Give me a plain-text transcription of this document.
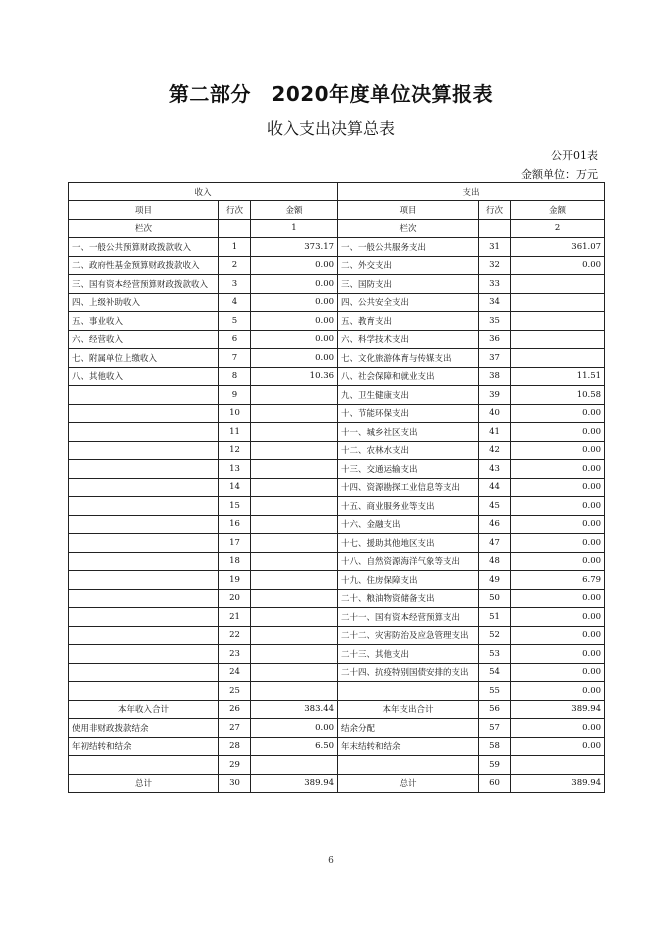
第二部分　2020年度单位决算报表
收入支出决算总表
公开01表
金额单位：万元
收入			支出		
项目	行次	金额	项目	行次	金额
栏次		1	栏次		2
一、一般公共预算财政拨款收入	1	373.17	一、一般公共服务支出	31	361.07
二、政府性基金预算财政拨款收入	2	0.00	二、外交支出	32	0.00
三、国有资本经营预算财政拨款收入	3	0.00	三、国防支出	33	
四、上级补助收入	4	0.00	四、公共安全支出	34	
五、事业收入	5	0.00	五、教育支出	35	
六、经营收入	6	0.00	六、科学技术支出	36	
七、附属单位上缴收入	7	0.00	七、文化旅游体育与传媒支出	37	
八、其他收入	8	10.36	八、社会保障和就业支出	38	11.51
	9		九、卫生健康支出	39	10.58
	10		十、节能环保支出	40	0.00
	11		十一、城乡社区支出	41	0.00
	12		十二、农林水支出	42	0.00
	13		十三、交通运输支出	43	0.00
	14		十四、资源勘探工业信息等支出	44	0.00
	15		十五、商业服务业等支出	45	0.00
	16		十六、金融支出	46	0.00
	17		十七、援助其他地区支出	47	0.00
	18		十八、自然资源海洋气象等支出	48	0.00
	19		十九、住房保障支出	49	6.79
	20		二十、粮油物资储备支出	50	0.00
	21		二十一、国有资本经营预算支出	51	0.00
	22		二十二、灾害防治及应急管理支出	52	0.00
	23		二十三、其他支出	53	0.00
	24		二十四、抗疫特别国债安排的支出	54	0.00
	25			55	0.00
本年收入合计	26	383.44	本年支出合计	56	389.94
使用非财政拨款结余	27	0.00	结余分配	57	0.00
年初结转和结余	28	6.50	年末结转和结余	58	0.00
	29			59	
总计	30	389.94	总计	60	389.94
6
